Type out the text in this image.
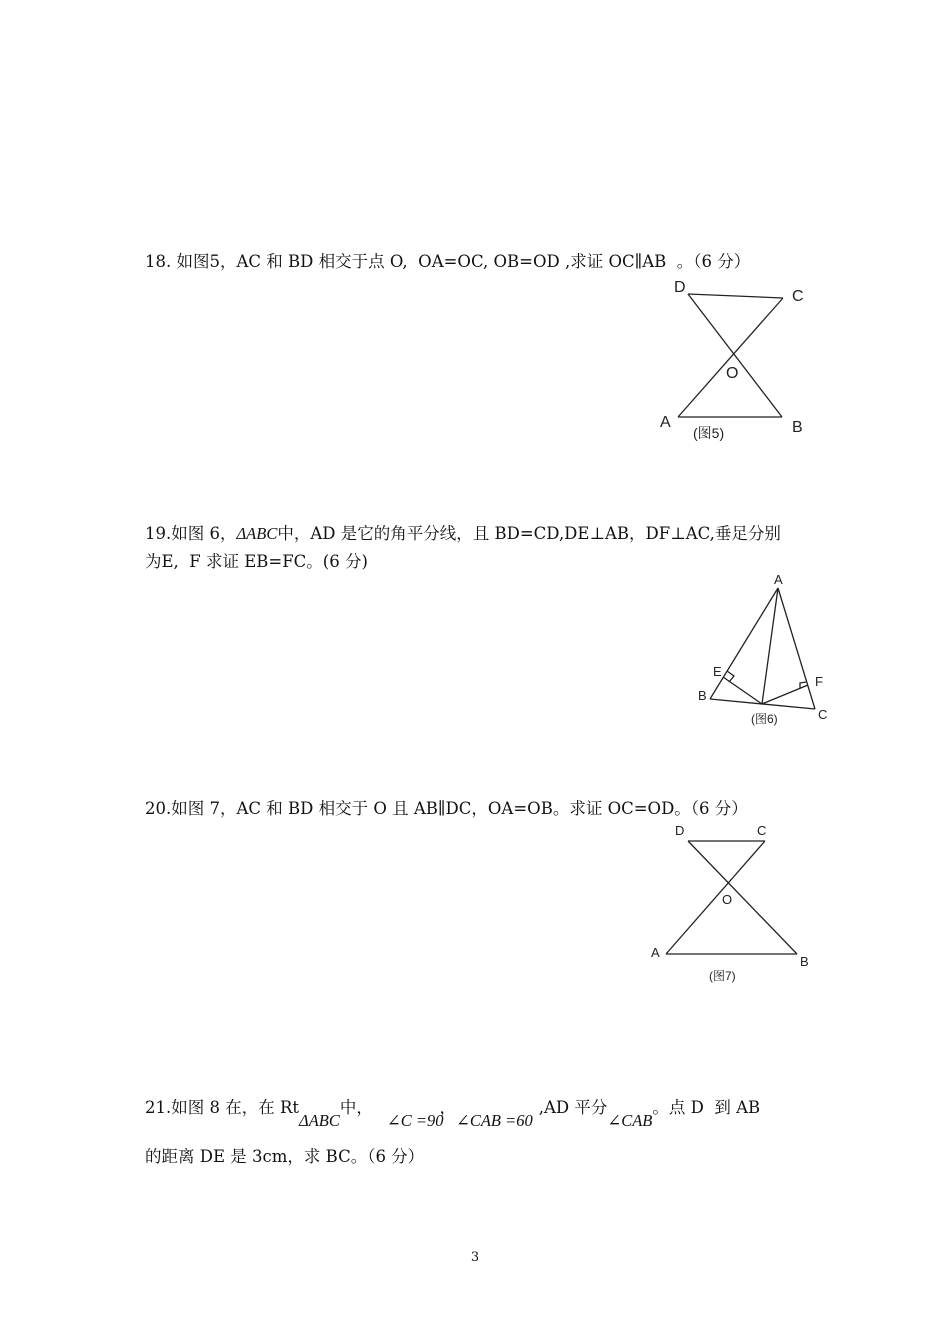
18. 如图5，AC 和 BD 相交于点 O,  OA=OC, OB=OD ,求证 OC∥AB  。（6 分）
D
C
O
A	B
(图5)
19.如图 6，ΔABC中，AD 是它的角平分线，且 BD=CD,DE⊥AB，DF⊥AC,垂足分别
为E,  F 求证 EB=FC。(6 分)
A
E
F
B
C
(图6)
20.如图 7，AC 和 BD 相交于 O 且 AB∥DC，OA=OB。求证 OC=OD。（6 分）
D	C
O
A
B
(图7)
21.如图 8 在，在 RtΔABC中，∠C =90，∠CAB =60,AD 平分∠CAB。点 D  到 AB
的距离 DE 是 3cm，求 BC。（6 分）
3
